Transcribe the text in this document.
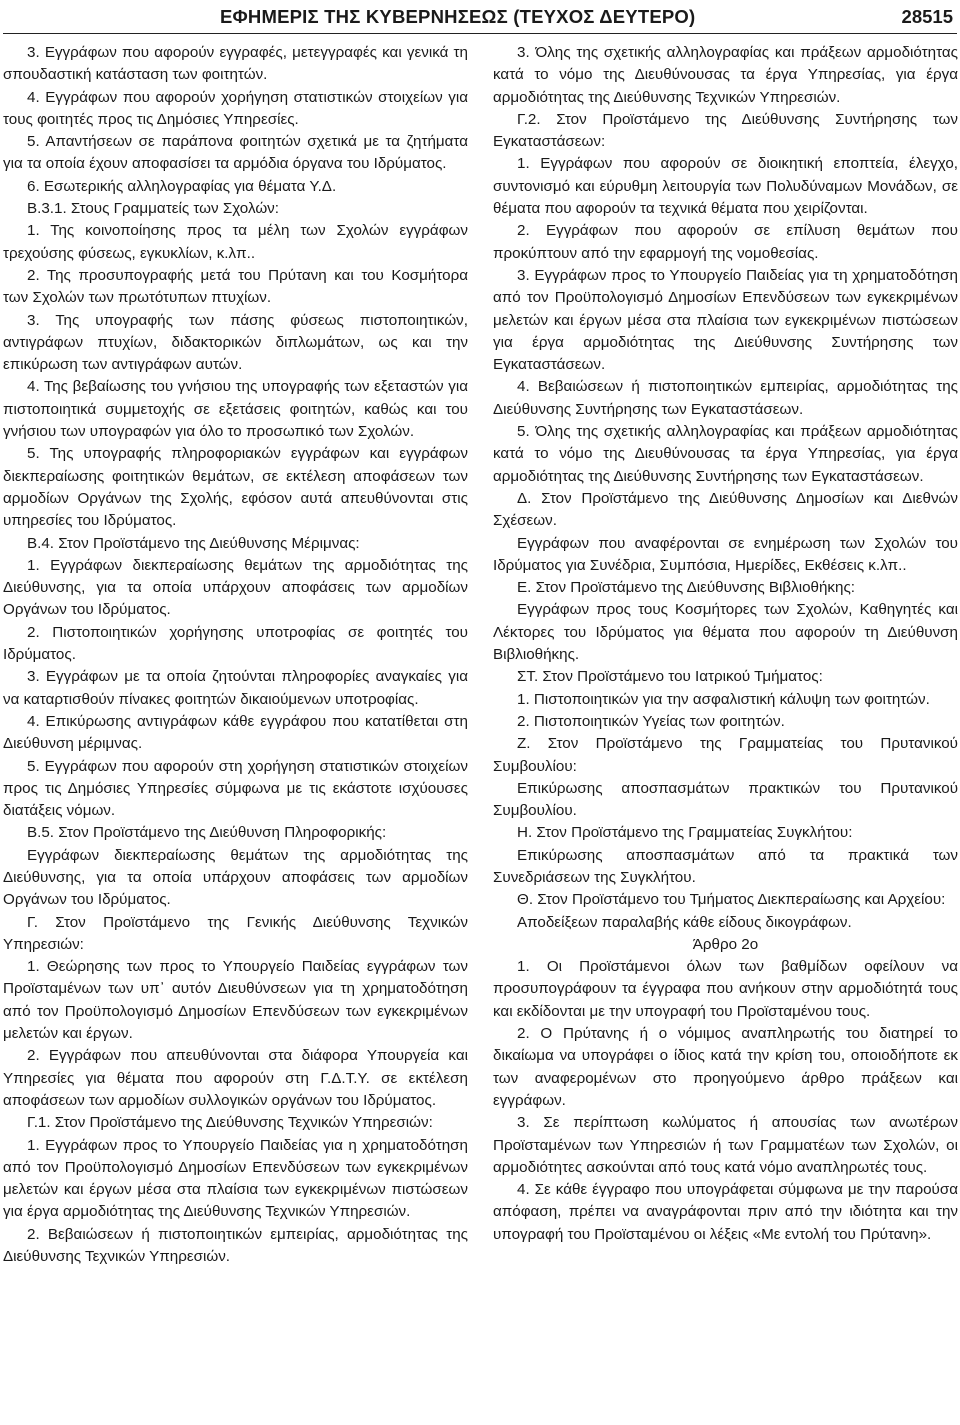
ΕΦΗΜΕΡΙΣ ΤΗΣ ΚΥΒΕΡΝΗΣΕΩΣ (ΤΕΥΧΟΣ ΔΕΥΤΕΡΟ)	28515

3. Εγγράφων που αφορούν εγγραφές, μετεγγραφές και γενικά τη σπουδαστική κατάσταση των φοιτητών.

4. Εγγράφων που αφορούν χορήγηση στατιστικών στοιχείων για τους φοιτητές προς τις Δημόσιες Υπηρεσίες.

5. Απαντήσεων σε παράπονα φοιτητών σχετικά με τα ζητήματα για τα οποία έχουν αποφασίσει τα αρμόδια όργανα του Ιδρύματος.

6. Εσωτερικής αλληλογραφίας για θέματα Υ.Δ.

Β.3.1. Στους Γραμματείς των Σχολών:

1. Της κοινοποίησης προς τα μέλη των Σχολών εγγράφων τρεχούσης φύσεως, εγκυκλίων, κ.λπ..

2. Της προσυπογραφής μετά του Πρύτανη και του Κοσμήτορα των Σχολών των πρωτότυπων πτυχίων.

3. Της υπογραφής των πάσης φύσεως πιστοποιητικών, αντιγράφων πτυχίων, διδακτορικών διπλωμάτων, ως και την επικύρωση των αντιγράφων αυτών.

4. Της βεβαίωσης του γνήσιου της υπογραφής των εξεταστών για πιστοποιητικά συμμετοχής σε εξετάσεις φοιτητών, καθώς και του γνήσιου των υπογραφών για όλο το προσωπικό των Σχολών.

5. Της υπογραφής πληροφοριακών εγγράφων και εγγράφων διεκπεραίωσης φοιτητικών θεμάτων, σε εκτέλεση αποφάσεων των αρμοδίων Οργάνων της Σχολής, εφόσον αυτά απευθύνονται στις υπηρεσίες του Ιδρύματος.

Β.4. Στον Προϊστάμενο της Διεύθυνσης Μέριμνας:

1. Εγγράφων διεκπεραίωσης θεμάτων της αρμοδιότητας της Διεύθυνσης, για τα οποία υπάρχουν αποφάσεις των αρμοδίων Οργάνων του Ιδρύματος.

2. Πιστοποιητικών χορήγησης υποτροφίας σε φοιτητές του Ιδρύματος.

3. Εγγράφων με τα οποία ζητούνται πληροφορίες αναγκαίες για να καταρτισθούν πίνακες φοιτητών δικαιούμενων υποτροφίας.

4. Επικύρωσης αντιγράφων κάθε εγγράφου που κατατίθεται στη Διεύθυνση μέριμνας.

5. Εγγράφων που αφορούν στη χορήγηση στατιστικών στοιχείων προς τις Δημόσιες Υπηρεσίες σύμφωνα με τις εκάστοτε ισχύουσες διατάξεις νόμων.

Β.5. Στον Προϊστάμενο της Διεύθυνση Πληροφορικής:

Εγγράφων διεκπεραίωσης θεμάτων της αρμοδιότητας της Διεύθυνσης, για τα οποία υπάρχουν αποφάσεις των αρμοδίων Οργάνων του Ιδρύματος.

Γ. Στον Προϊστάμενο της Γενικής Διεύθυνσης Τεχνικών Υπηρεσιών:

1. Θεώρησης των προς το Υπουργείο Παιδείας εγγράφων των Προϊσταμένων των υπ᾽ αυτόν Διευθύνσεων για τη χρηματοδότηση από τον Προϋπολογισμό Δημοσίων Επενδύσεων των εγκεκριμένων μελετών και έργων.

2. Εγγράφων που απευθύνονται στα διάφορα Υπουργεία και Υπηρεσίες για θέματα που αφορούν στη Γ.Δ.Τ.Υ. σε εκτέλεση αποφάσεων των αρμοδίων συλλογικών οργάνων του Ιδρύματος.

Γ.1. Στον Προϊστάμενο της Διεύθυνσης Τεχνικών Υπηρεσιών:

1. Εγγράφων προς το Υπουργείο Παιδείας για η χρηματοδότηση από τον Προϋπολογισμό Δημοσίων Επενδύσεων των εγκεκριμένων μελετών και έργων μέσα στα πλαίσια των εγκεκριμένων πιστώσεων για έργα αρμοδιότητας της Διεύθυνσης Τεχνικών Υπηρεσιών.

2. Βεβαιώσεων ή πιστοποιητικών εμπειρίας, αρμοδιότητας της Διεύθυνσης Τεχνικών Υπηρεσιών.

3. Όλης της σχετικής αλληλογραφίας και πράξεων αρμοδιότητας κατά το νόμο της Διευθύνουσας τα έργα Υπηρεσίας, για έργα αρμοδιότητας της Διεύθυνσης Τεχνικών Υπηρεσιών.

Γ.2. Στον Προϊστάμενο της Διεύθυνσης Συντήρησης των Εγκαταστάσεων:

1. Εγγράφων που αφορούν σε διοικητική εποπτεία, έλεγχο, συντονισμό και εύρυθμη λειτουργία των Πολυδύναμων Μονάδων, σε θέματα που αφορούν τα τεχνικά θέματα που χειρίζονται.

2. Εγγράφων που αφορούν σε επίλυση θεμάτων που προκύπτουν από την εφαρμογή της νομοθεσίας.

3. Εγγράφων προς το Υπουργείο Παιδείας για τη χρηματοδότηση από τον Προϋπολογισμό Δημοσίων Επενδύσεων των εγκεκριμένων μελετών και έργων μέσα στα πλαίσια των εγκεκριμένων πιστώσεων για έργα αρμοδιότητας της Διεύθυνσης Συντήρησης των Εγκαταστάσεων.

4. Βεβαιώσεων ή πιστοποιητικών εμπειρίας, αρμοδιότητας της Διεύθυνσης Συντήρησης των Εγκαταστάσεων.

5. Όλης της σχετικής αλληλογραφίας και πράξεων αρμοδιότητας κατά το νόμο της Διευθύνουσας τα έργα Υπηρεσίας, για έργα αρμοδιότητας της Διεύθυνσης Συντήρησης των Εγκαταστάσεων.

Δ. Στον Προϊστάμενο της Διεύθυνσης Δημοσίων και Διεθνών Σχέσεων.

Εγγράφων που αναφέρονται σε ενημέρωση των Σχολών του Ιδρύματος για Συνέδρια, Συμπόσια, Ημερίδες, Εκθέσεις κ.λπ..

Ε. Στον Προϊστάμενο της Διεύθυνσης Βιβλιοθήκης:

Εγγράφων προς τους Κοσμήτορες των Σχολών, Καθηγητές και Λέκτορες του Ιδρύματος για θέματα που αφορούν τη Διεύθυνση Βιβλιοθήκης.

ΣΤ. Στον Προϊστάμενο του Ιατρικού Τμήματος:

1. Πιστοποιητικών για την ασφαλιστική κάλυψη των φοιτητών.

2. Πιστοποιητικών Υγείας των φοιτητών.

Ζ. Στον Προϊστάμενο της Γραμματείας του Πρυτανικού Συμβουλίου:

Επικύρωσης αποσπασμάτων πρακτικών του Πρυτανικού Συμβουλίου.

Η. Στον Προϊστάμενο της Γραμματείας Συγκλήτου:

Επικύρωσης αποσπασμάτων από τα πρακτικά των Συνεδριάσεων της Συγκλήτου.

Θ. Στον Προϊστάμενο του Τμήματος Διεκπεραίωσης και Αρχείου:

Αποδείξεων παραλαβής κάθε είδους δικογράφων.

Άρθρο 2ο

1. Οι Προϊστάμενοι όλων των βαθμίδων οφείλουν να προσυπογράφουν τα έγγραφα που ανήκουν στην αρμοδιότητά τους και εκδίδονται με την υπογραφή του Προϊσταμένου τους.

2. Ο Πρύτανης ή ο νόμιμος αναπληρωτής του διατηρεί το δικαίωμα να υπογράφει ο ίδιος κατά την κρίση του, οποιοδήποτε εκ των αναφερομένων στο προηγούμενο άρθρο πράξεων και εγγράφων.

3. Σε περίπτωση κωλύματος ή απουσίας των ανωτέρων Προϊσταμένων των Υπηρεσιών ή των Γραμματέων των Σχολών, οι αρμοδιότητες ασκούνται από τους κατά νόμο αναπληρωτές τους.

4. Σε κάθε έγγραφο που υπογράφεται σύμφωνα με την παρούσα απόφαση, πρέπει να αναγράφονται πριν από την ιδιότητα και την υπογραφή του Προϊσταμένου οι λέξεις «Με εντολή του Πρύτανη».
